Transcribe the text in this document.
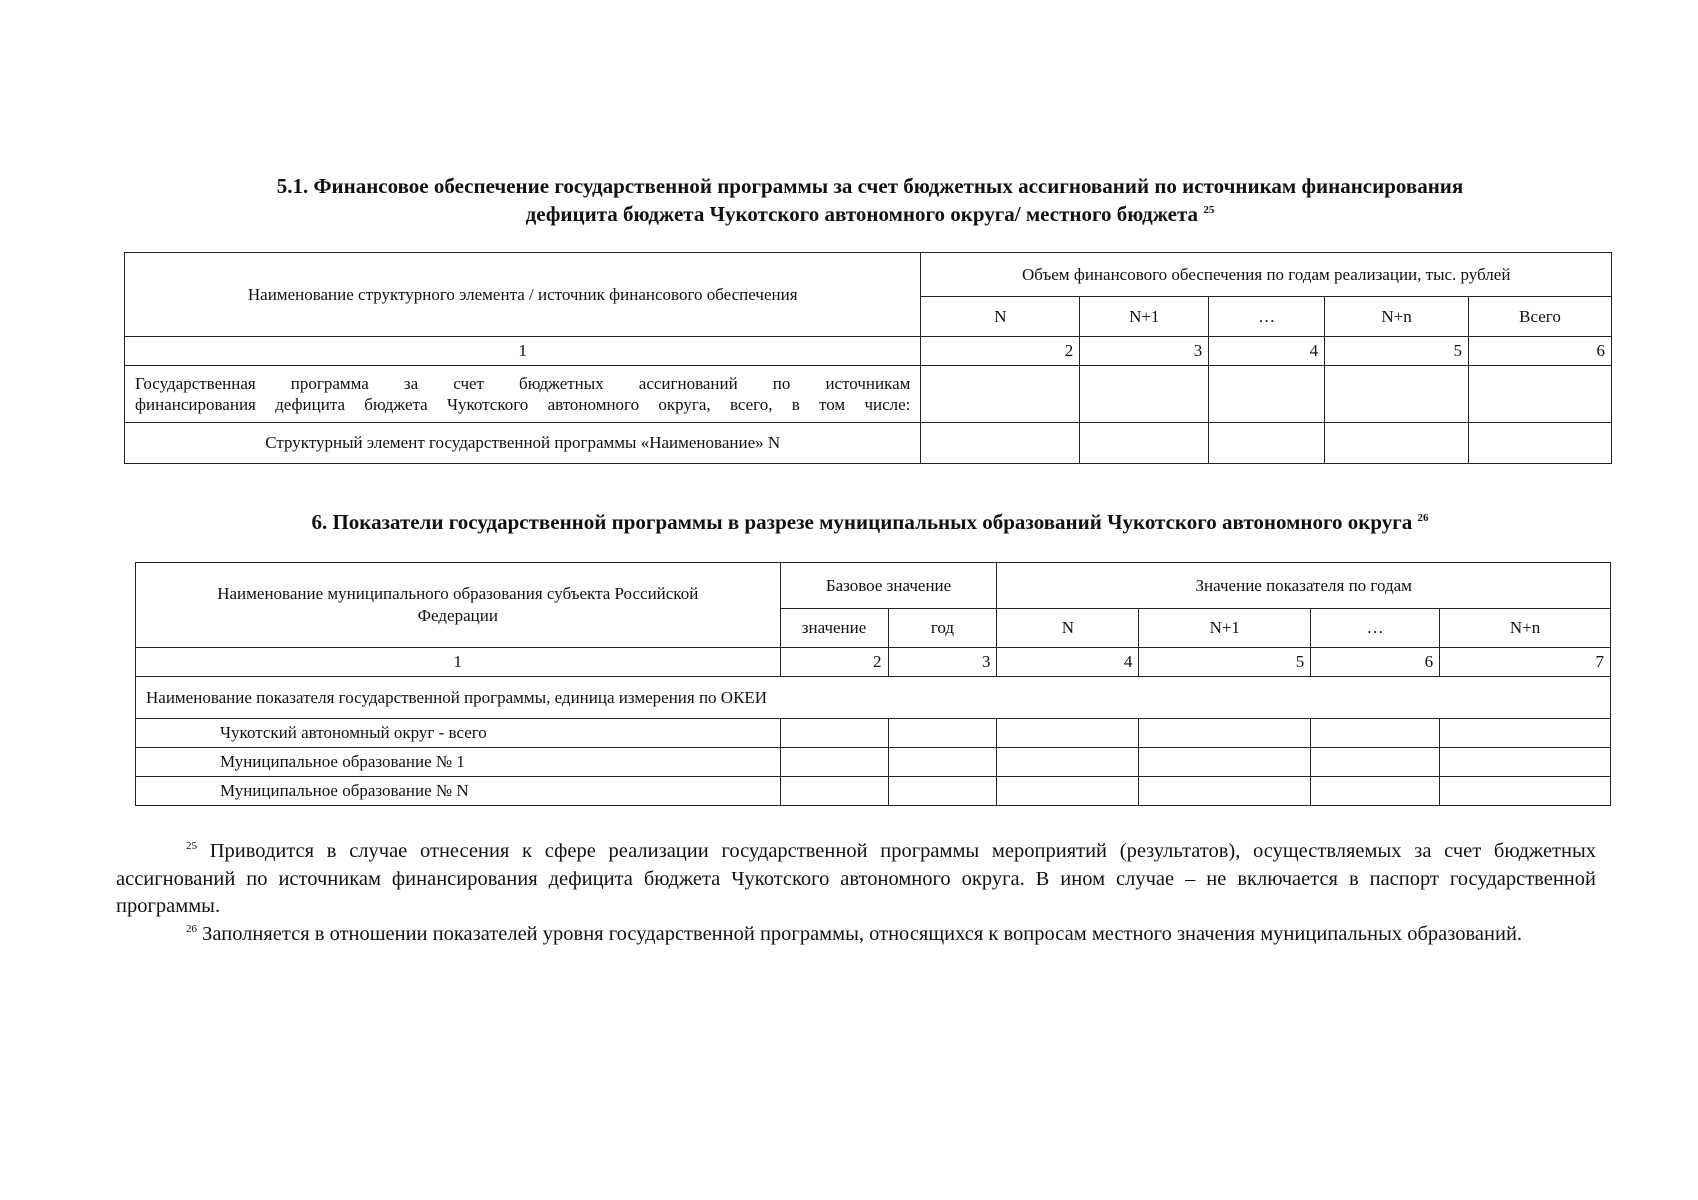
5.1. Финансовое обеспечение государственной программы за счет бюджетных ассигнований по источникам финансирования
дефицита бюджета Чукотского автономного округа/ местного бюджета $^{25}$
Наименование структурного элемента / источник финансового обеспечения	Объем финансового обеспечения по годам реализации, тыс. рублей				
	N	N+1	…	N+n	Всего
1	2	3	4	5	6

Государственная программа за счет бюджетных ассигнований по источникам
финансирования дефицита бюджета Чукотского автономного округа, всего, в том числе:					

Структурный элемент государственной программы «Наименование» N					
6. Показатели государственной программы в разрезе муниципальных образований Чукотского автономного округа $^{26}$
Наименование муниципального образования субъекта Российской Федерации	Базовое значение		Значение показателя по годам			
	значение	год	N	N+1	…	N+n
1	2	3	4	5	6	7
Наименование показателя государственной программы, единица измерения по ОКЕИ						
Чукотский автономный округ - всего						
Муниципальное образование № 1						
Муниципальное образование № N						

$^{25}$ Приводится в случае отнесения к сфере реализации государственной программы мероприятий (результатов), осуществляемых за счет бюджетных ассигнований по источникам финансирования дефицита бюджета Чукотского автономного округа. В ином случае – не включается в паспорт государственной программы.

$^{26}$ Заполняется в отношении показателей уровня государственной программы, относящихся к вопросам местного значения муниципальных образований.
